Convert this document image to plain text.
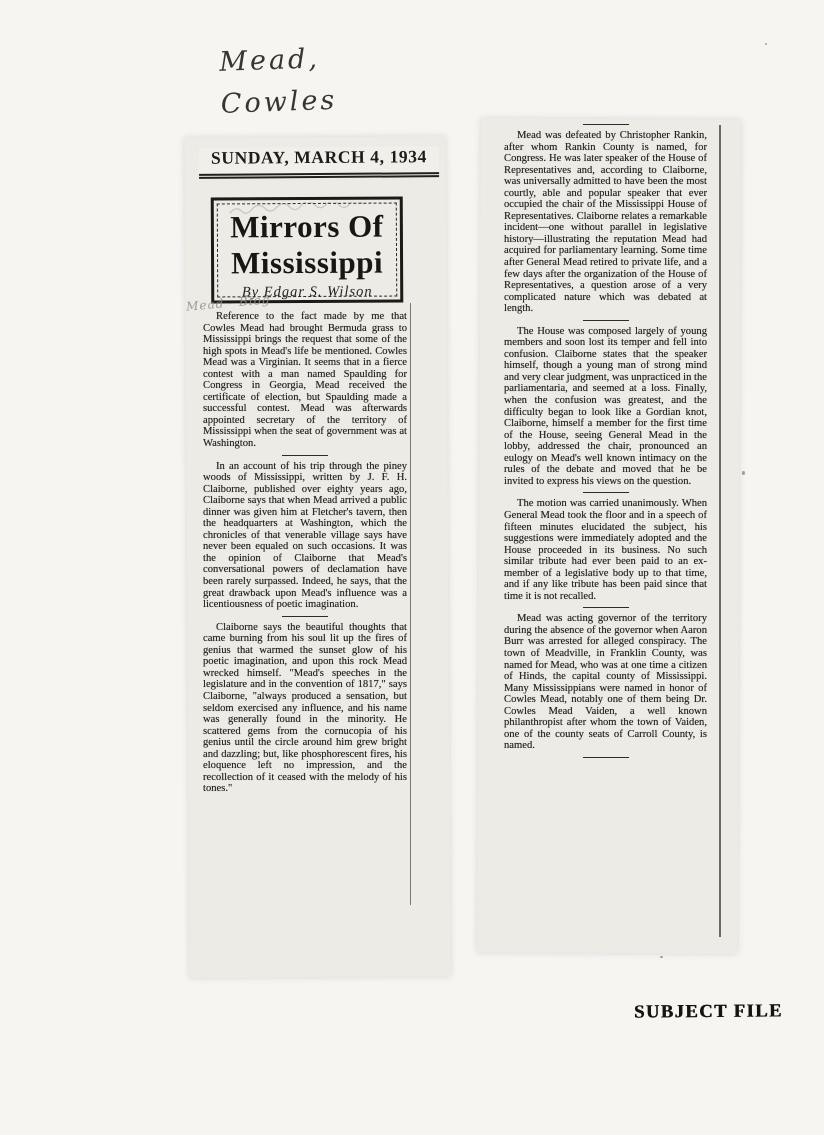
Mead,
Cowles
SUNDAY, MARCH 4, 1934
Mirrors Of
Mississippi
By Edgar S. Wilson
Mead - Biog

Reference to the fact made by me that Cowles Mead had brought Bermuda grass to Mississippi brings the request that some of the high spots in Mead's life be mentioned. Cowles Mead was a Virginian. It seems that in a fierce contest with a man named Spaulding for Congress in Georgia, Mead received the certificate of election, but Spaulding made a successful contest. Mead was afterwards appointed secretary of the territory of Mississippi when the seat of government was at Washington.

In an account of his trip through the piney woods of Mississippi, written by J. F. H. Claiborne, published over eighty years ago, Claiborne says that when Mead arrived a public dinner was given him at Fletcher's tavern, then the headquarters at Washington, which the chronicles of that venerable village says have never been equaled on such occasions. It was the opinion of Claiborne that Mead's conversational powers of declamation have been rarely surpassed. Indeed, he says, that the great drawback upon Mead's influence was a licentiousness of poetic imagination.

Claiborne says the beautiful thoughts that came burning from his soul lit up the fires of genius that warmed the sunset glow of his poetic imagination, and upon this rock Mead wrecked himself. "Mead's speeches in the legislature and in the convention of 1817," says Claiborne, "always produced a sensation, but seldom exercised any influence, and his name was generally found in the minority. He scattered gems from the cornucopia of his genius until the circle around him grew bright and dazzling; but, like phosphorescent fires, his eloquence left no impression, and the recollection of it ceased with the melody of his tones."

Mead was defeated by Christopher Rankin, after whom Rankin County is named, for Congress. He was later speaker of the House of Representatives and, according to Claiborne, was universally admitted to have been the most courtly, able and popular speaker that ever occupied the chair of the Mississippi House of Representatives. Claiborne relates a remarkable incident—one without parallel in legislative history—illustrating the reputation Mead had acquired for parliamentary learning. Some time after General Mead retired to private life, and a few days after the organization of the House of Representatives, a question arose of a very complicated nature which was debated at length.

The House was composed largely of young members and soon lost its temper and fell into confusion. Claiborne states that the speaker himself, though a young man of strong mind and very clear judgment, was unpracticed in the parliamentaria, and seemed at a loss. Finally, when the confusion was greatest, and the difficulty began to look like a Gordian knot, Claiborne, himself a member for the first time of the House, seeing General Mead in the lobby, addressed the chair, pronounced an eulogy on Mead's well known intimacy on the rules of the debate and moved that he be invited to express his views on the question.

The motion was carried unanimously. When General Mead took the floor and in a speech of fifteen minutes elucidated the subject, his suggestions were immediately adopted and the House proceeded in its business. No such similar tribute had ever been paid to an ex-member of a legislative body up to that time, and if any like tribute has been paid since that time it is not recalled.

Mead was acting governor of the territory during the absence of the governor when Aaron Burr was arrested for alleged conspiracy. The town of Meadville, in Franklin County, was named for Mead, who was at one time a citizen of Hinds, the capital county of Mississippi. Many Mississippians were named in honor of Cowles Mead, notably one of them being Dr. Cowles Mead Vaiden, a well known philanthropist after whom the town of Vaiden, one of the county seats of Carroll County, is named.

SUBJECT FILE
